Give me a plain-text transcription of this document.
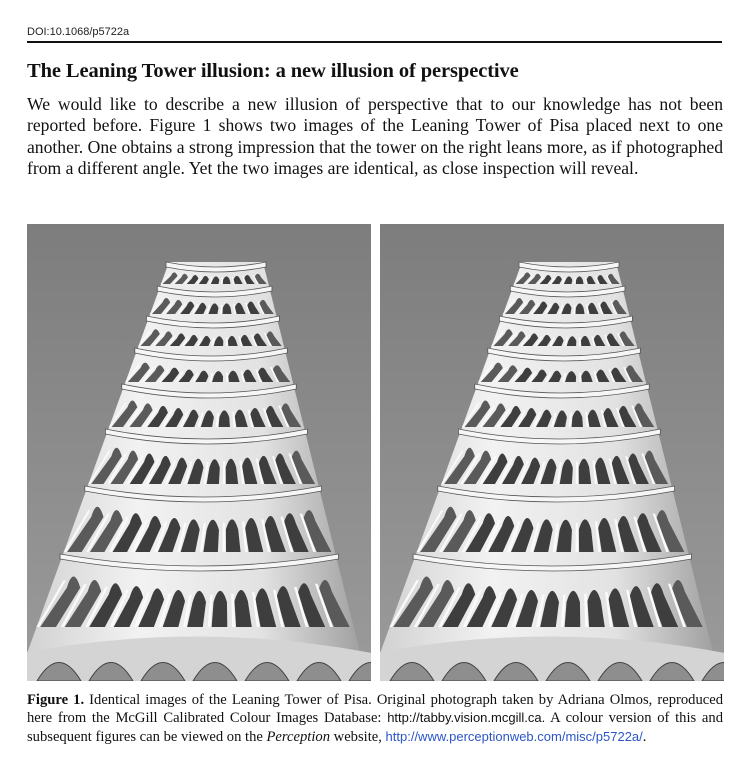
DOI:10.1068/p5722a
The Leaning Tower illusion: a new illusion of perspective
We would like to describe a new illusion of perspective that to our knowledge has not been reported before. Figure 1 shows two images of the Leaning Tower of Pisa placed next to one another. One obtains a strong impression that the tower on the right leans more, as if photographed from a different angle. Yet the two images are identical, as close inspection will reveal.
Figure 1. Identical images of the Leaning Tower of Pisa. Original photograph taken by Adriana Olmos, reproduced here from the McGill Calibrated Colour Images Database: http://tabby.vision.mcgill.ca. A colour version of this and subsequent figures can be viewed on the Perception website, http://www.perceptionweb.com/misc/p5722a/.
